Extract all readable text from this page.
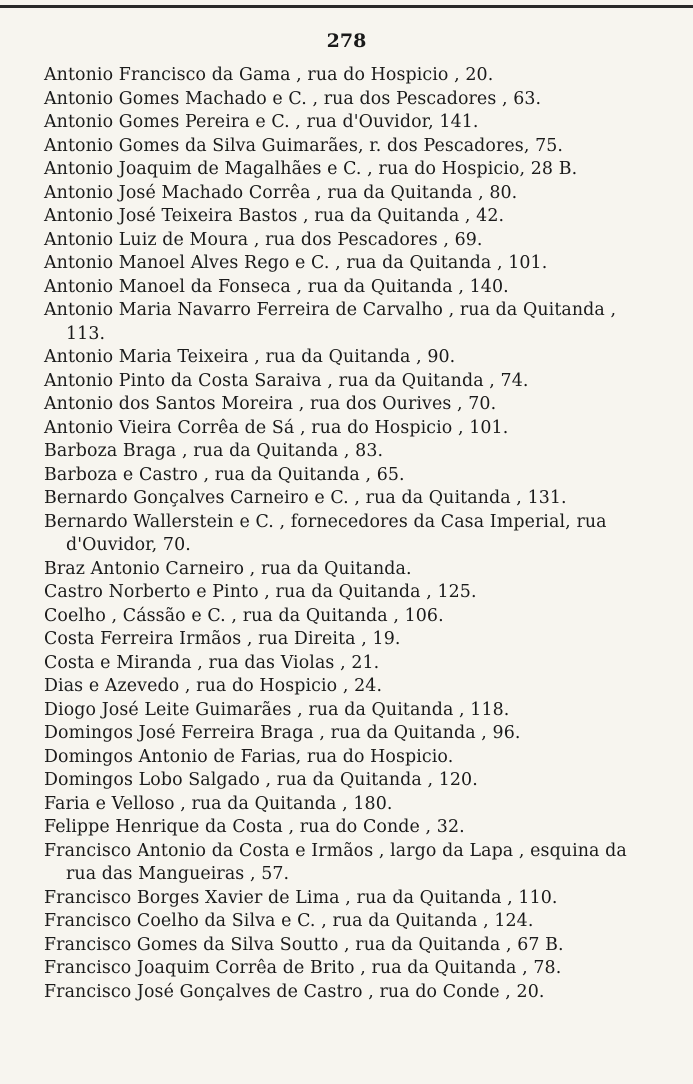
278
Antonio Francisco da Gama , rua do Hospicio , 20.
Antonio Gomes Machado e C. , rua dos Pescadores , 63.
Antonio Gomes Pereira e C. , rua d'Ouvidor, 141.
Antonio Gomes da Silva Guimarães, r. dos Pescadores, 75.
Antonio Joaquim de Magalhães e C. , rua do Hospicio, 28 B.
Antonio José Machado Corrêa , rua da Quitanda , 80.
Antonio José Teixeira Bastos , rua da Quitanda , 42.
Antonio Luiz de Moura , rua dos Pescadores , 69.
Antonio Manoel Alves Rego e C. , rua da Quitanda , 101.
Antonio Manoel da Fonseca , rua da Quitanda , 140.
Antonio Maria Navarro Ferreira de Carvalho , rua da Quitanda , 113.
Antonio Maria Teixeira , rua da Quitanda , 90.
Antonio Pinto da Costa Saraiva , rua da Quitanda , 74.
Antonio dos Santos Moreira , rua dos Ourives , 70.
Antonio Vieira Corrêa de Sá , rua do Hospicio , 101.
Barboza Braga , rua da Quitanda , 83.
Barboza e Castro , rua da Quitanda , 65.
Bernardo Gonçalves Carneiro e C. , rua da Quitanda , 131.
Bernardo Wallerstein e C. , fornecedores da Casa Imperial, rua d'Ouvidor, 70.
Braz Antonio Carneiro , rua da Quitanda.
Castro Norberto e Pinto , rua da Quitanda , 125.
Coelho , Cássão e C. , rua da Quitanda , 106.
Costa Ferreira Irmãos , rua Direita , 19.
Costa e Miranda , rua das Violas , 21.
Dias e Azevedo , rua do Hospicio , 24.
Diogo José Leite Guimarães , rua da Quitanda , 118.
Domingos José Ferreira Braga , rua da Quitanda , 96.
Domingos Antonio de Farias, rua do Hospicio.
Domingos Lobo Salgado , rua da Quitanda , 120.
Faria e Velloso , rua da Quitanda , 180.
Felippe Henrique da Costa , rua do Conde , 32.
Francisco Antonio da Costa e Irmãos , largo da Lapa , esquina da rua das Mangueiras , 57.
Francisco Borges Xavier de Lima , rua da Quitanda , 110.
Francisco Coelho da Silva e C. , rua da Quitanda , 124.
Francisco Gomes da Silva Soutto , rua da Quitanda , 67 B.
Francisco Joaquim Corrêa de Brito , rua da Quitanda , 78.
Francisco José Gonçalves de Castro , rua do Conde , 20.
